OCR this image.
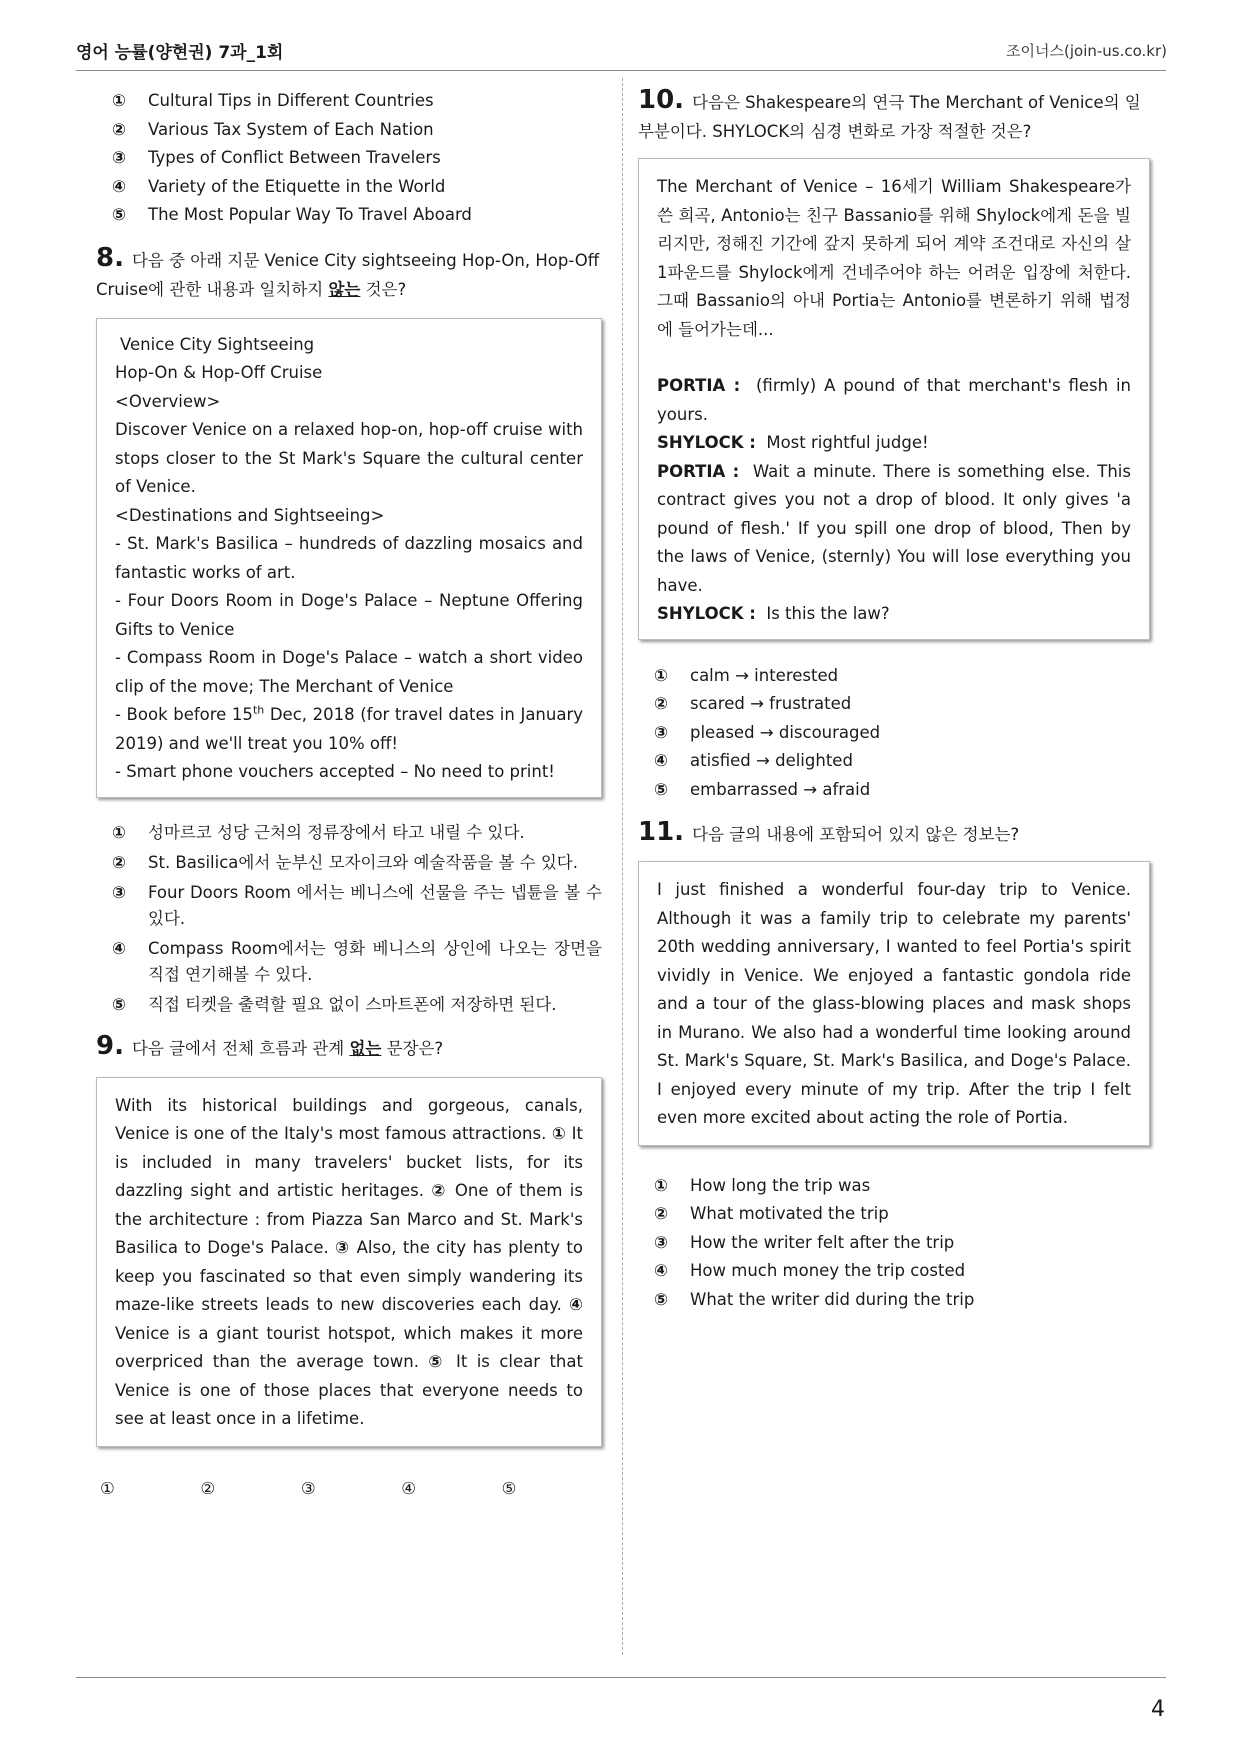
영어 능률(양현권) 7과_1회	조이너스(join-us.co.kr)

① Cultural Tips in Different Countries

② Various Tax System of Each Nation

③ Types of Conflict Between Travelers

④ Variety of the Etiquette in the World

⑤ The Most Popular Way To Travel Aboard

8. 다음 중 아래 지문 Venice City sightseeing Hop-On, Hop-Off Cruise에 관한 내용과 일치하지 않는 것은?

Venice City Sightseeing

Hop-On & Hop-Off Cruise

<Overview>

Discover Venice on a relaxed hop-on, hop-off cruise with stops closer to the St Mark's Square the cultural center of Venice.

<Destinations and Sightseeing>

- St. Mark's Basilica – hundreds of dazzling mosaics and fantastic works of art.

- Four Doors Room in Doge's Palace – Neptune Offering Gifts to Venice

- Compass Room in Doge's Palace – watch a short video clip of the move; The Merchant of Venice

- Book before 15th Dec, 2018 (for travel dates in January 2019) and we'll treat you 10% off!

- Smart phone vouchers accepted – No need to print!

① 성마르코 성당 근처의 정류장에서 타고 내릴 수 있다.

② St. Basilica에서 눈부신 모자이크와 예술작품을 볼 수 있다.

③ Four Doors Room 에서는 베니스에 선물을 주는 넵튠을 볼 수 있다.

④ Compass Room에서는 영화 베니스의 상인에 나오는 장면을 직접 연기해볼 수 있다.

⑤ 직접 티켓을 출력할 필요 없이 스마트폰에 저장하면 된다.

9. 다음 글에서 전체 흐름과 관계 없는 문장은?

With its historical buildings and gorgeous, canals, Venice is one of the Italy's most famous attractions. ① It is included in many travelers' bucket lists, for its dazzling sight and artistic heritages. ② One of them is the architecture : from Piazza San Marco and St. Mark's Basilica to Doge's Palace. ③ Also, the city has plenty to keep you fascinated so that even simply wandering its maze-like streets leads to new discoveries each day. ④ Venice is a giant tourist hotspot, which makes it more overpriced than the average town. ⑤ It is clear that Venice is one of those places that everyone needs to see at least once in a lifetime.
①	②	③	④	⑤

10. 다음은 Shakespeare의 연극 The Merchant of Venice의 일부분이다. SHYLOCK의 심경 변화로 가장 적절한 것은?

The Merchant of Venice – 16세기 William Shakespeare가 쓴 희곡, Antonio는 친구 Bassanio를 위해 Shylock에게 돈을 빌리지만, 정해진 기간에 갚지 못하게 되어 계약 조건대로 자신의 살 1파운드를 Shylock에게 건네주어야 하는 어려운 입장에 처한다. 그때 Bassanio의 아내 Portia는 Antonio를 변론하기 위해 법정에 들어가는데...

PORTIA : (firmly) A pound of that merchant's flesh in yours.

SHYLOCK : Most rightful judge!

PORTIA : Wait a minute. There is something else. This contract gives you not a drop of blood. It only gives 'a pound of flesh.' If you spill one drop of blood, Then by the laws of Venice, (sternly) You will lose everything you have.

SHYLOCK : Is this the law?

① calm → interested

② scared → frustrated

③ pleased → discouraged

④ atisfied → delighted

⑤ embarrassed → afraid

11. 다음 글의 내용에 포함되어 있지 않은 정보는?

I just finished a wonderful four-day trip to Venice. Although it was a family trip to celebrate my parents' 20th wedding anniversary, I wanted to feel Portia's spirit vividly in Venice. We enjoyed a fantastic gondola ride and a tour of the glass-blowing places and mask shops in Murano. We also had a wonderful time looking around St. Mark's Square, St. Mark's Basilica, and Doge's Palace. I enjoyed every minute of my trip. After the trip I felt even more excited about acting the role of Portia.

① How long the trip was

② What motivated the trip

③ How the writer felt after the trip

④ How much money the trip costed

⑤ What the writer did during the trip

4
